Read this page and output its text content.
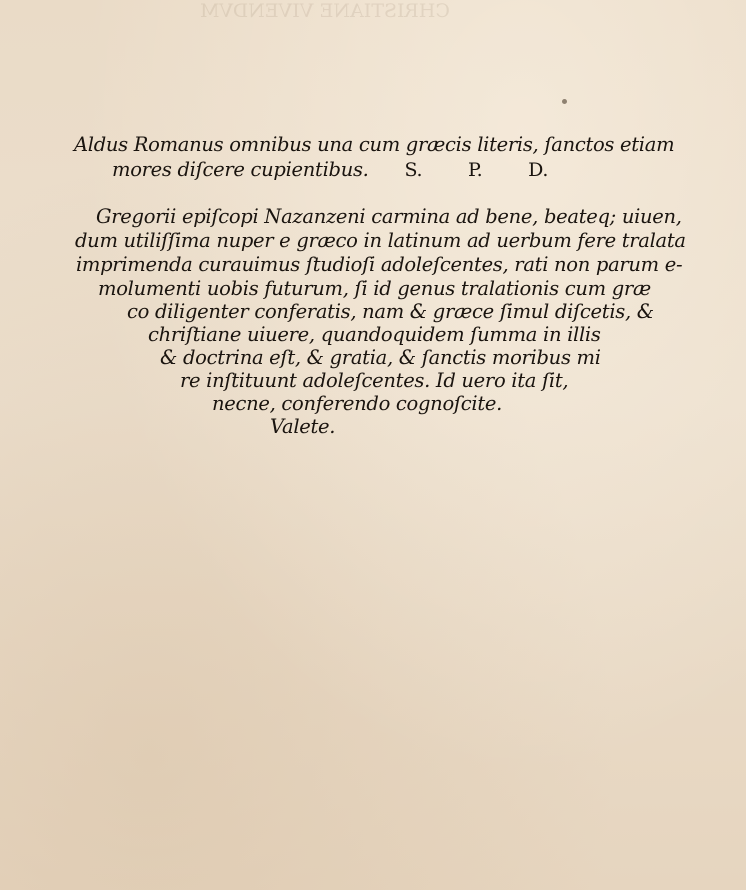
CHRISTIANE VIVENDVM
Aldus Romanus omnibus una cum græcis literis, ſanctos etiam
mores diſcere cupientibus. S. P. D.
Gregorii epiſcopi Nazanzeni carmina ad bene, beateq; uiuen,
dum utiliſſima nuper e græco in latinum ad uerbum fere tralata
imprimenda curauimus ſtudioſi adoleſcentes, rati non parum e-
molumenti uobis futurum, ſi id genus tralationis cum græ
co diligenter conferatis, nam & græce ſimul diſcetis, &
chriſtiane uiuere, quandoquidem ſumma in illis
& doctrina eſt, & gratia, & ſanctis moribus mi
re inſtituunt adoleſcentes. Id uero ita ſit,
necne, conferendo cognoſcite.
Valete.
